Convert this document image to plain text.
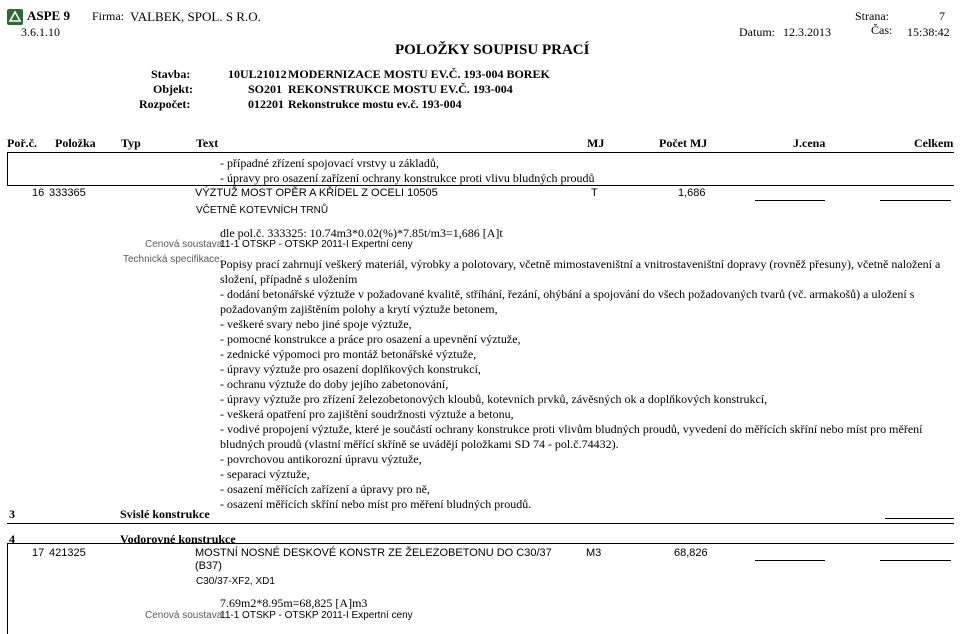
ASPE 9 Firma: VALBEK, SPOL. S R.O.	Strana:	7
3.6.1.10	Datum: 12.3.2013	Čas: 15:38:42
POLOŽKY SOUPISU PRACÍ
Stavba:	10UL21012 MODERNIZACE MOSTU EV.Č. 193-004 BOREK
Objekt:	SO201 REKONSTRUKCE MOSTU EV.Č. 193-004
Rozpočet:	012201 Rekonstrukce mostu ev.č. 193-004
Poř.č. Položka Typ	Text	MJ	Počet MJ	J.cena	Celkem
- případné zřízení spojovací vrstvy u základů,
- úpravy pro osazení zařízení ochrany konstrukce proti vlivu bludných proudů
16 333365	VÝZTUŽ MOST OPĚR A KŘÍDEL Z OCELI 10505	T	1,686
VČETNĚ KOTEVNÍCH TRNŮ
dle pol.č. 333325: 10.74m3*0.02(%)*7.85t/m3=1,686 [A]t
Cenová soustava:
11-1 OTSKP - OTSKP 2011-I Expertní ceny
Technická specifikace:
Popisy prací zahrnují veškerý materiál, výrobky a polotovary, včetně mimostaveništní a vnitrostaveništní dopravy (rovněž přesuny), včetně naložení a
složení, případně s uložením
- dodání betonářské výztuže v požadované kvalitě, stříhání, řezání, ohýbání a spojování do všech požadovaných tvarů (vč. armakošů) a uložení s
požadovaným zajištěním polohy a krytí výztuže betonem,
- veškeré svary nebo jiné spoje výztuže,
- pomocné konstrukce a práce pro osazení a upevnění výztuže,
- zednické výpomoci pro montáž betonářské výztuže,
- úpravy výztuže pro osazení doplňkových konstrukcí,
- ochranu výztuže do doby jejího zabetonování,
- úpravy výztuže pro zřízení železobetonových kloubů, kotevních prvků, závěsných ok a doplňkových konstrukcí,
- veškerá opatření pro zajištění soudržnosti výztuže a betonu,
- vodivé propojení výztuže, které je součástí ochrany konstrukce proti vlivům bludných proudů, vyvedení do měřících skříní nebo míst pro měření
bludných proudů (vlastní měřící skříně se uvádějí položkami SD 74 - pol.č.74432).
- povrchovou antikorozní úpravu výztuže,
- separaci výztuže,
- osazení měřících zařízení a úpravy pro ně,
- osazení měřících skříní nebo míst pro měření bludných proudů.
3	Svislé konstrukce
4	Vodorovné konstrukce
17 421325	MOSTNÍ NOSNÉ DESKOVÉ KONSTR ZE ŽELEZOBETONU DO C30/37
(B37)
M3	68,826
C30/37-XF2, XD1
7.69m2*8.95m=68,825 [A]m3
Cenová soustava:
11-1 OTSKP - OTSKP 2011-I Expertní ceny
